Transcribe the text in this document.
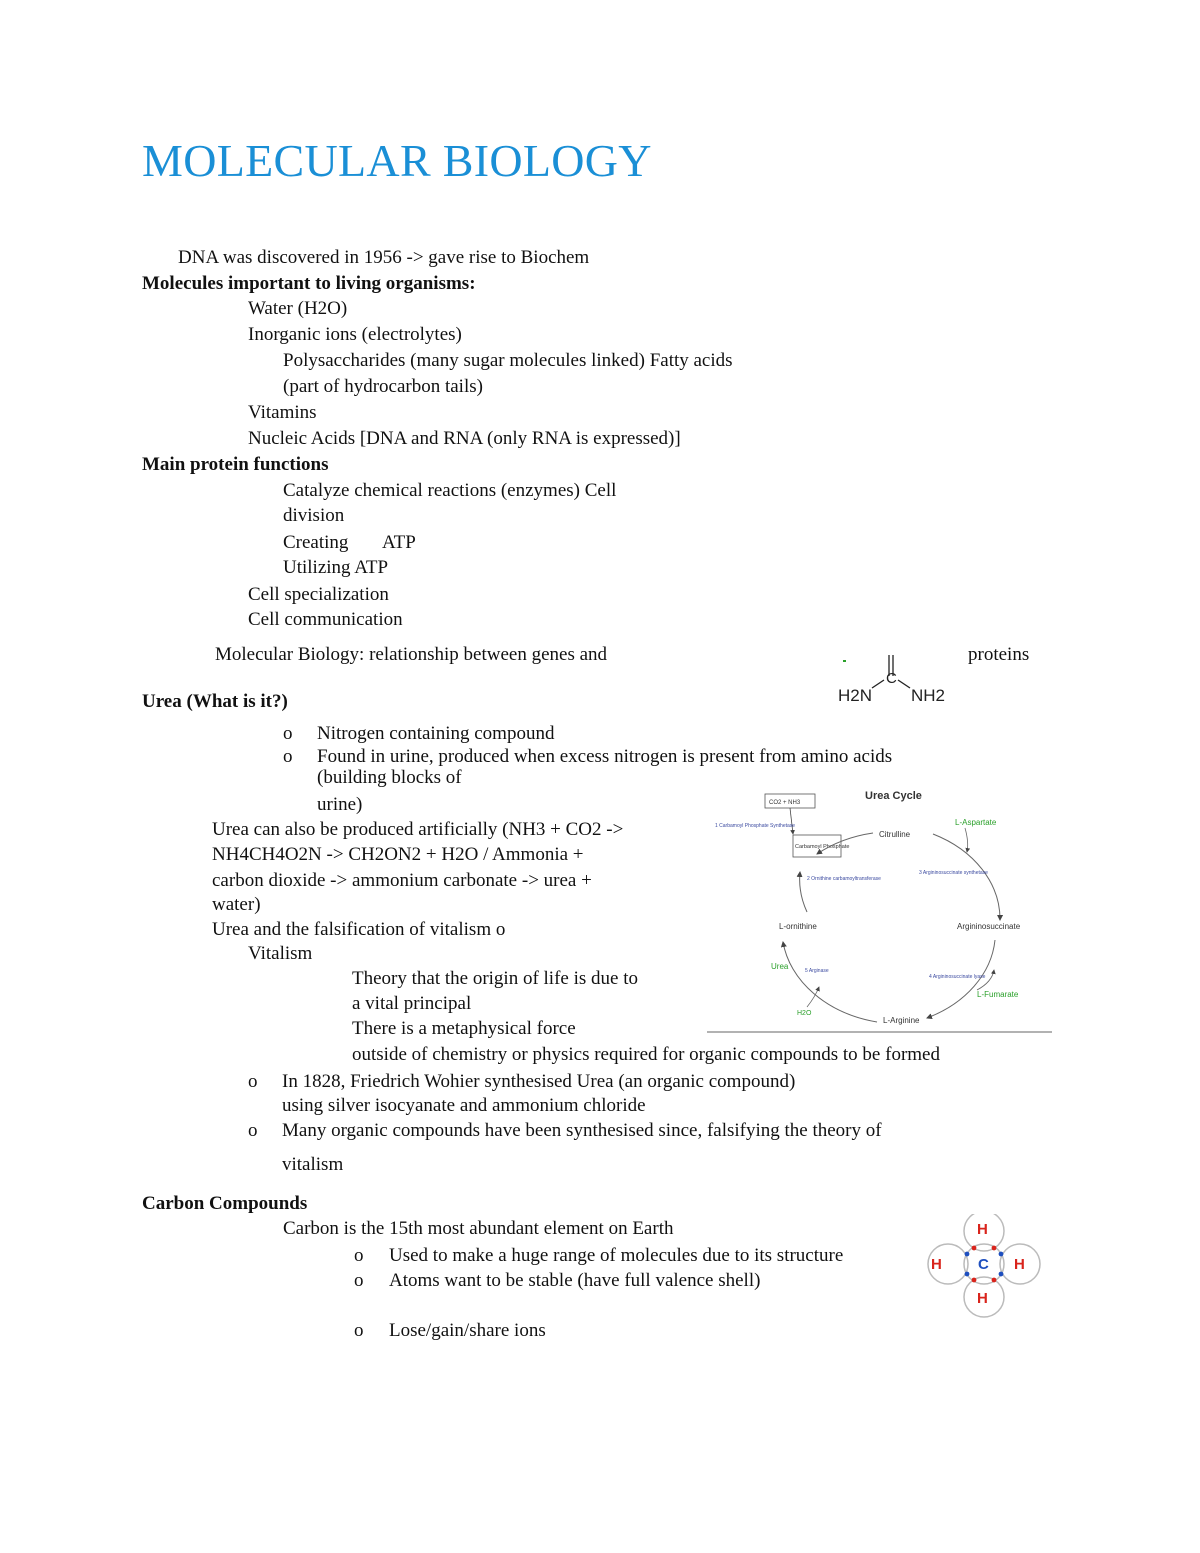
MOLECULAR BIOLOGY
DNA was discovered in 1956 -> gave rise to Biochem
Molecules important to living organisms:
Water (H2O)
Inorganic ions (electrolytes)
Polysaccharides (many sugar molecules linked) Fatty acids
(part of hydrocarbon tails)
Vitamins
Nucleic Acids [DNA and RNA (only RNA is expressed)]
Main protein functions
Catalyze chemical reactions (enzymes) Cell
division
Creating ATP
Utilizing ATP
Cell specialization
Cell communication
Molecular Biology: relationship between genes and	proteins
C
H2N NH2
Urea (What is it?)
o Nitrogen containing compound
o Found in urine, produced when excess nitrogen is present from amino acids
(building blocks of
urine)
Urea can also be produced artificially (NH3 + CO2 ->
NH4CH4O2N -> CH2ON2 + H2O / Ammonia +
carbon dioxide -> ammonium carbonate -> urea +
water)
Urea and the falsification of vitalism o
Vitalism
Theory that the origin of life is due to
a vital principal
There is a metaphysical force
outside of chemistry or physics required for organic compounds to be formed
o In 1828, Friedrich Wohier synthesised Urea (an organic compound)
using silver isocyanate and ammonium chloride
o Many organic compounds have been synthesised since, falsifying the theory of
vitalism
Urea Cycle
CO2 + NH3
1 Carbamoyl Phosphate Synthetase
Carbamoyl Phosphate
Citrulline
L-Aspartate
2 Ornithine carbamoyltransferase
3 Argininosuccinate synthetase
L-ornithine	Argininosuccinate
Urea	5 Arginase
4 Argininosuccinate lyase
L-Fumarate
H2O
L-Arginine
Carbon Compounds
Carbon is the 15th most abundant element on Earth
o Used to make a huge range of molecules due to its structure
o Atoms want to be stable (have full valence shell)
o Lose/gain/share ions
H
H
H	H
C
